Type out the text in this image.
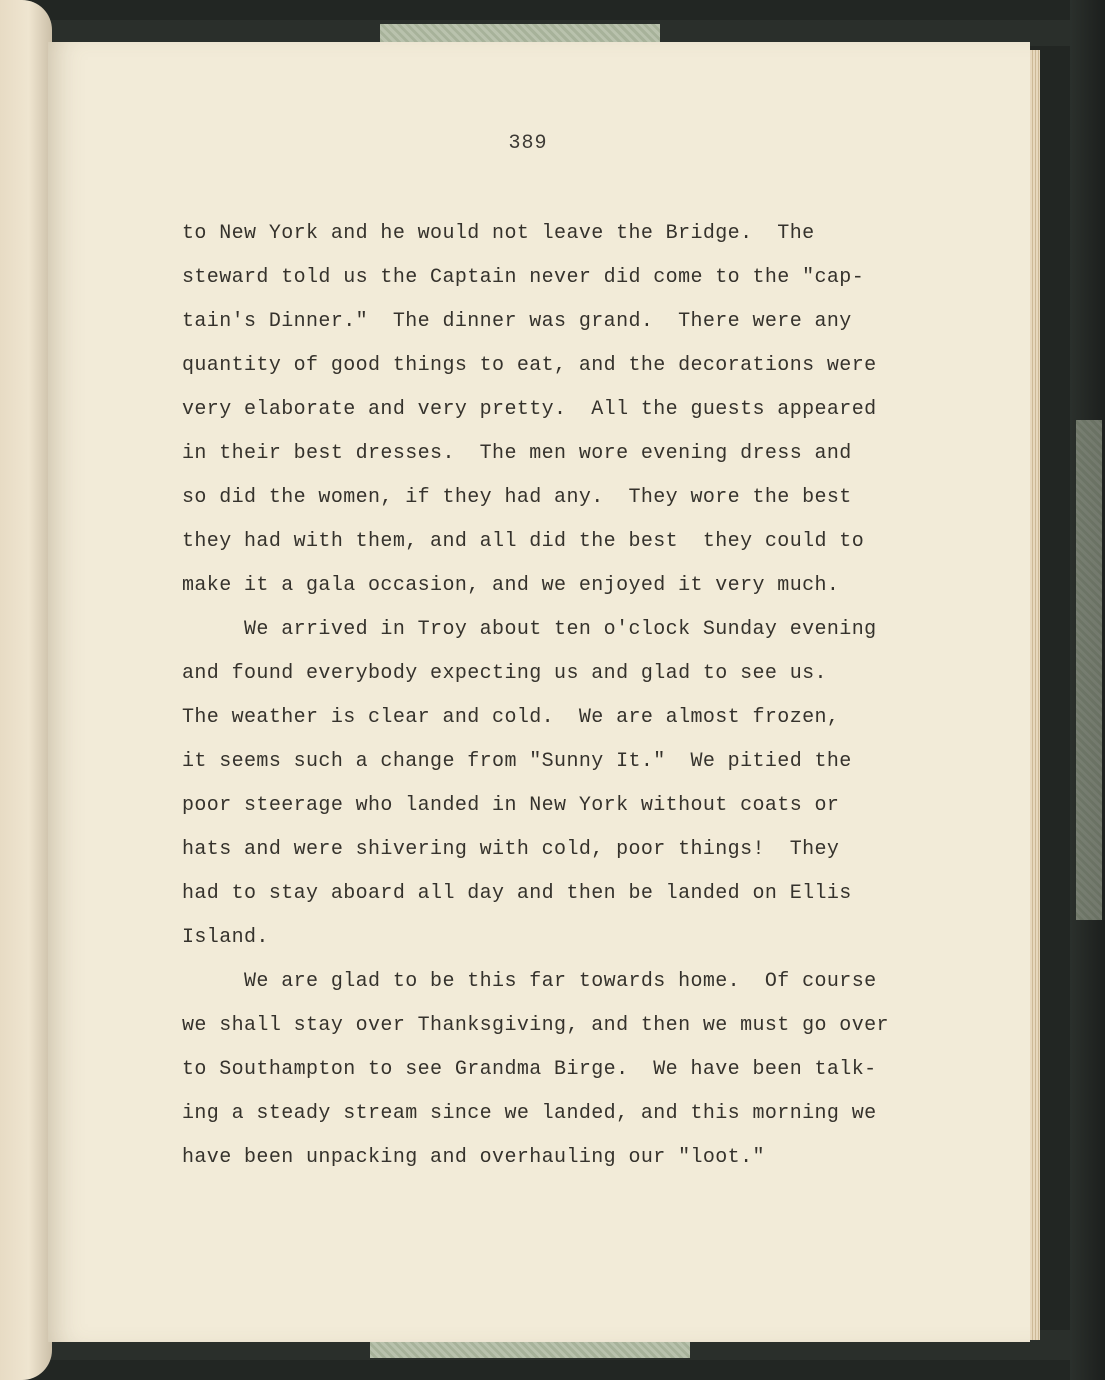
389
to New York and he would not leave the Bridge.  The
steward told us the Captain never did come to the "cap-
tain's Dinner."  The dinner was grand.  There were any
quantity of good things to eat, and the decorations were
very elaborate and very pretty.  All the guests appeared
in their best dresses.  The men wore evening dress and
so did the women, if they had any.  They wore the best
they had with them, and all did the best  they could to
make it a gala occasion, and we enjoyed it very much.
We arrived in Troy about ten o'clock Sunday evening
and found everybody expecting us and glad to see us.
The weather is clear and cold.  We are almost frozen,
it seems such a change from "Sunny It."  We pitied the
poor steerage who landed in New York without coats or
hats and were shivering with cold, poor things!  They
had to stay aboard all day and then be landed on Ellis
Island.
We are glad to be this far towards home.  Of course
we shall stay over Thanksgiving, and then we must go over
to Southampton to see Grandma Birge.  We have been talk-
ing a steady stream since we landed, and this morning we
have been unpacking and overhauling our "loot."
